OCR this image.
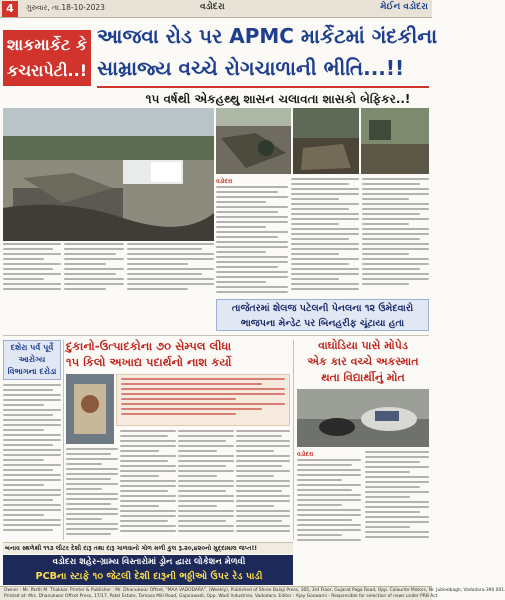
4	ગુરુવાર, તા.18-10-2023	વડોદરા	મેઈન વડોદરા
શાકમાર્કેટ કે કચરાપેટી..!
આજવા રોડ પર APMC માર્કેટમાં ગંદકીના
સામ્રાજ્ય વચ્ચે રોગચાળાની ભીતિ...!!
૧૫ વર્ષથી એકહથ્થુ શાસન ચલાવતા શાસકો બેફિકર..!
વડોદરા
તાજેતરમાં શેલજ પટેલની પેનલના ૧૨ ઉમેદવારો
ભાજપના મેન્ડેટ પર બિનહરીફ ચૂંટાયા હતા
દશેરા પર્વ પૂર્વે આરોગ્ય વિભાગના દરોડા
દુકાનો-ઉત્પાદકોના ૭૦ સેમ્પલ લીધા
૧૫ કિલો અખાદ્ય પદાર્થનો નાશ કર્યો
વાઘોડિયા પાસે મોપેડ
એક કાર વચ્ચે અકસ્માત
થતા વિદ્યાર્થીનું મોત
વડોદરા
બનાવ સ્થળેથી ૧૧૩ લીટર દેશી દારૂ તથા દારૂ ગાળવાનો ગોળ મળી કુલ રૂ.૨૦,૪૨૦નો મુદ્દામાલ જપ્ત!!
વડોદરા શહેર-ગ્રામ્ય વિસ્તારોમાં ડ્રોન દ્વારા લોકેશન મેળવી
PCBના સ્ટાફે ૧૦ જેટલી દેશી દારૂની ભઠ્ઠીઓ ઉપર રેડ પાડી
Owner : Mr. Parth M. Thakkar. Printer & Publisher : Mr. Dhanukwar Offset, "MAA VADODARA", (Weekly), Published of Shree Balaji Press, 305, 3rd Floor, Gujarat Paga Road, Opp. Colourite Motors, Nr. Jubeelbagh, Vadodara-390 001.
Printed at: M/s. Dhanukwar Offset Press, 17/17, Patel Estate, Tamasa Mill Road, Gajarawadi, Opp. Wadi Industries, Vadodara. Editor : Ajay Goswami - Responsible for selection of news under PRB Act.
